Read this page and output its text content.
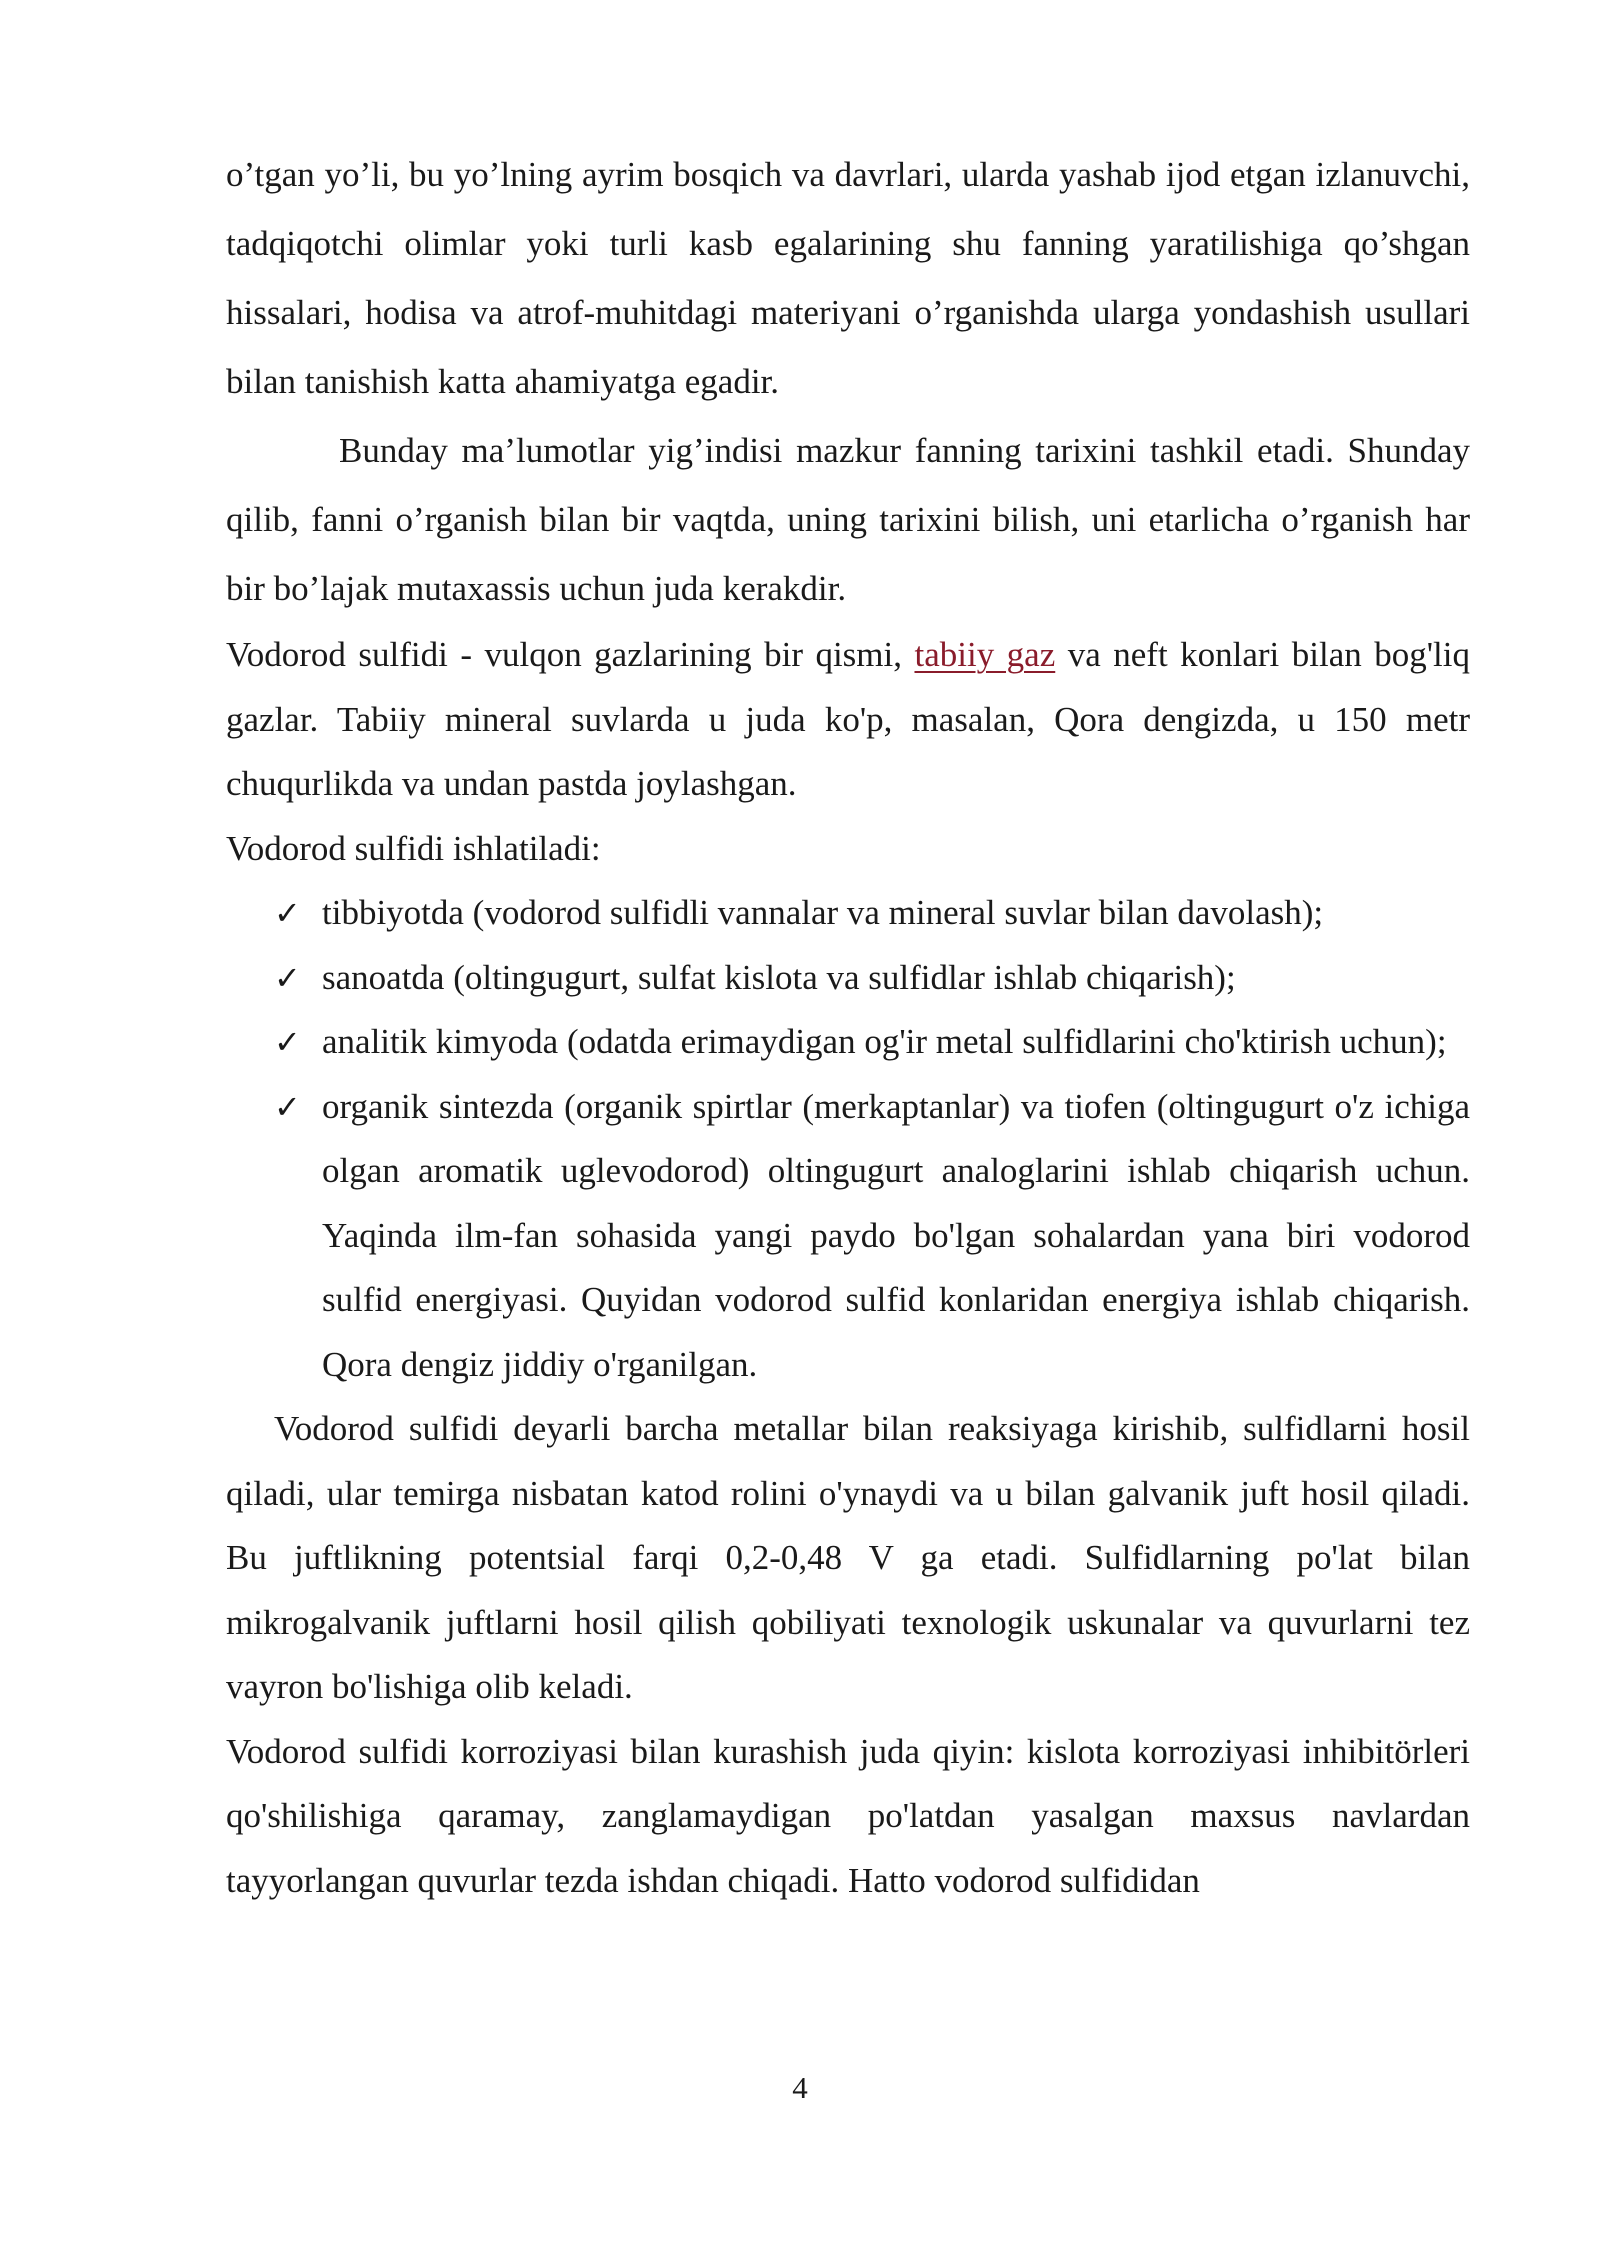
o’tgan yo’li, bu yo’lning ayrim bosqich va davrlari, ularda yashab ijod etgan izlanuvchi, tadqiqotchi olimlar yoki turli kasb egalarining shu fanning yaratilishiga qo’shgan hissalari, hodisa va atrof-muhitdagi materiyani o’rganishda ularga yondashish usullari bilan tanishish katta ahamiyatga egadir.

Bunday ma’lumotlar yig’indisi mazkur fanning tarixini tashkil etadi. Shunday qilib, fanni o’rganish bilan bir vaqtda, uning tarixini bilish, uni etarlicha o’rganish har bir bo’lajak mutaxassis uchun juda kerakdir.

Vodorod sulfidi - vulqon gazlarining bir qismi, tabiiy gaz va neft konlari bilan bog'liq gazlar. Tabiiy mineral suvlarda u juda ko'p, masalan, Qora dengizda, u 150 metr chuqurlikda va undan pastda joylashgan.

Vodorod sulfidi ishlatiladi:

✓ tibbiyotda (vodorod sulfidli vannalar va mineral suvlar bilan davolash);
✓ sanoatda (oltingugurt, sulfat kislota va sulfidlar ishlab chiqarish);
✓ analitik kimyoda (odatda erimaydigan og'ir metal sulfidlarini cho'ktirish uchun);
✓ organik sintezda (organik spirtlar (merkaptanlar) va tiofen (oltingugurt o'z ichiga olgan aromatik uglevodorod) oltingugurt analoglarini ishlab chiqarish uchun. Yaqinda ilm-fan sohasida yangi paydo bo'lgan sohalardan yana biri vodorod sulfid energiyasi. Quyidan vodorod sulfid konlaridan energiya ishlab chiqarish. Qora dengiz jiddiy o'rganilgan.

Vodorod sulfidi deyarli barcha metallar bilan reaksiyaga kirishib, sulfidlarni hosil qiladi, ular temirga nisbatan katod rolini o'ynaydi va u bilan galvanik juft hosil qiladi. Bu juftlikning potentsial farqi 0,2-0,48 V ga etadi. Sulfidlarning po'lat bilan mikrogalvanik juftlarni hosil qilish qobiliyati texnologik uskunalar va quvurlarni tez vayron bo'lishiga olib keladi.

Vodorod sulfidi korroziyasi bilan kurashish juda qiyin: kislota korroziyasi inhibitörleri qo'shilishiga qaramay, zanglamaydigan po'latdan yasalgan maxsus navlardan tayyorlangan quvurlar tezda ishdan chiqadi. Hatto vodorod sulfididan

4
